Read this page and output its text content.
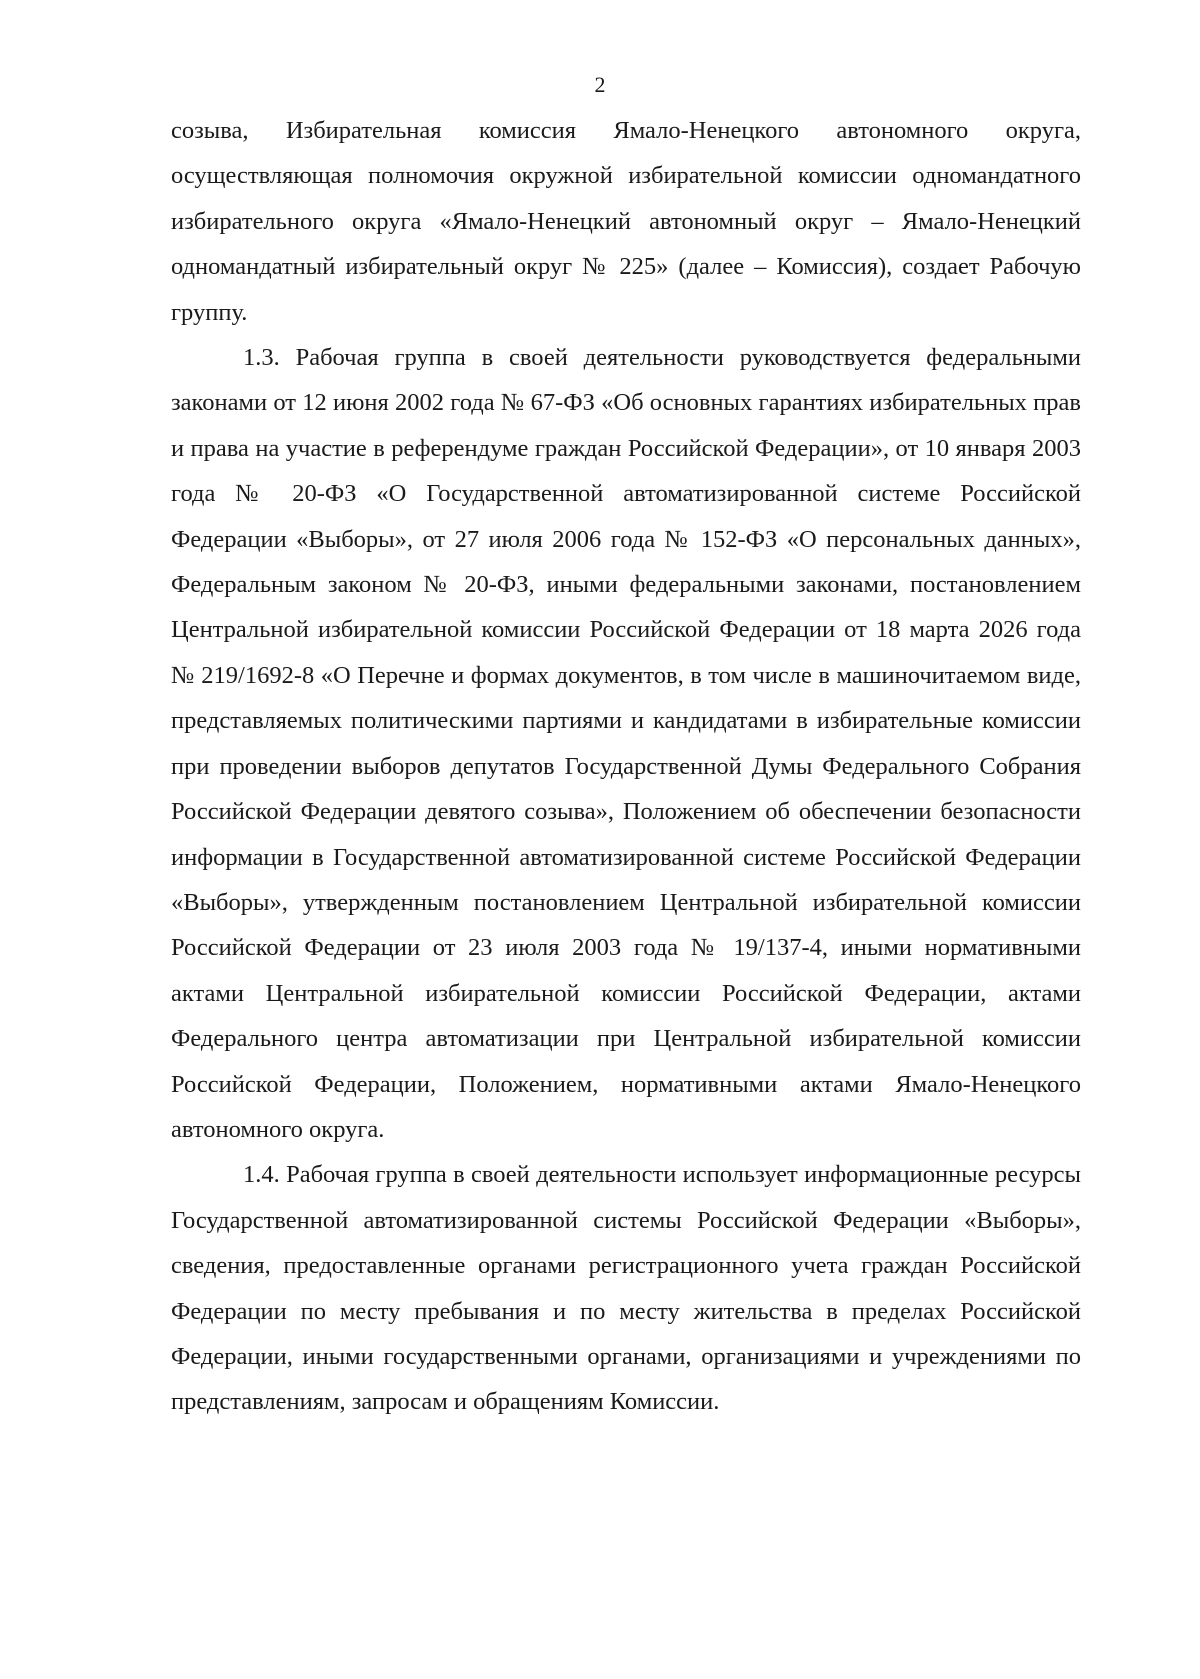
2

созыва, Избирательная комиссия Ямало-Ненецкого автономного округа, осуществляющая полномочия окружной избирательной комиссии одномандатного избирательного округа «Ямало-Ненецкий автономный округ – Ямало-Ненецкий одномандатный избирательный округ № 225» (далее – Комиссия), создает Рабочую группу.

1.3. Рабочая группа в своей деятельности руководствуется федеральными законами от 12 июня 2002 года № 67-ФЗ «Об основных гарантиях избирательных прав и права на участие в референдуме граждан Российской Федерации», от 10 января 2003 года № 20-ФЗ «О Государственной автоматизированной системе Российской Федерации «Выборы», от 27 июля 2006 года № 152-ФЗ «О персональных данных», Федеральным законом № 20-ФЗ, иными федеральными законами, постановлением Центральной избирательной комиссии Российской Федерации от 18 марта 2026 года № 219/1692-8 «О Перечне и формах документов, в том числе в машиночитаемом виде, представляемых политическими партиями и кандидатами в избирательные комиссии при проведении выборов депутатов Государственной Думы Федерального Собрания Российской Федерации девятого созыва», Положением об обеспечении безопасности информации в Государственной автоматизированной системе Российской Федерации «Выборы», утвержденным постановлением Центральной избирательной комиссии Российской Федерации от 23 июля 2003 года № 19/137-4, иными нормативными актами Центральной избирательной комиссии Российской Федерации, актами Федерального центра автоматизации при Центральной избирательной комиссии Российской Федерации, Положением, нормативными актами Ямало-Ненецкого автономного округа.

1.4. Рабочая группа в своей деятельности использует информационные ресурсы Государственной автоматизированной системы Российской Федерации «Выборы», сведения, предоставленные органами регистрационного учета граждан Российской Федерации по месту пребывания и по месту жительства в пределах Российской Федерации, иными государственными органами, организациями и учреждениями по представлениям, запросам и обращениям Комиссии.
